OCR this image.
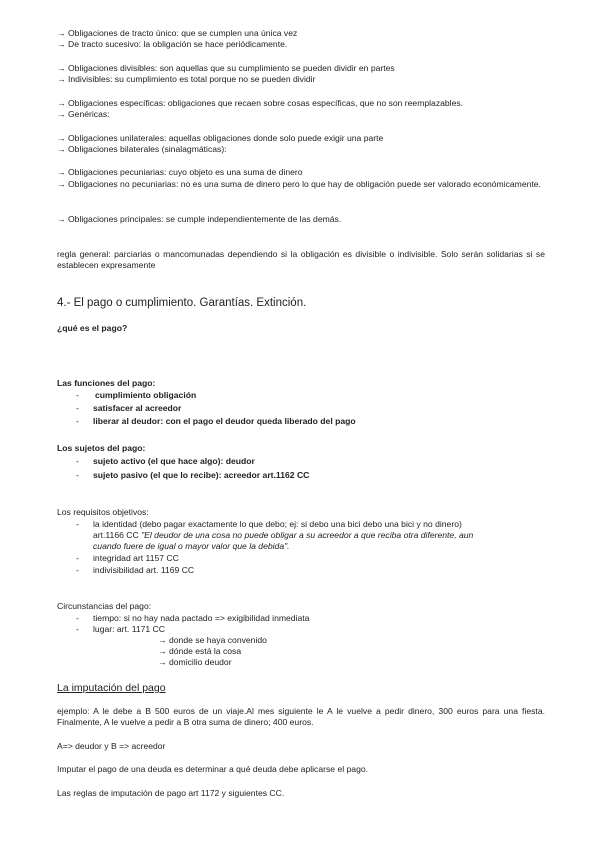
→ Obligaciones de tracto único: que se cumplen una única vez
→ De tracto sucesivo: la obligación se hace periódicamente.
→ Obligaciones divisibles: son aquellas que su cumplimiento se pueden dividir en partes
→ Indivisibles: su cumplimiento es total porque no se pueden dividir
→ Obligaciones específicas: obligaciones que recaen sobre cosas específicas, que no son reemplazables.
→ Genéricas:
→ Obligaciones unilaterales: aquellas obligaciones donde solo puede exigir una parte
→ Obligaciones bilaterales (sinalagmáticas):
→ Obligaciones pecuniarias: cuyo objeto es una suma de dinero
→ Obligaciones no pecuniarias: no es una suma de dinero pero lo que hay de obligación puede ser valorado económicamente.
→ Obligaciones principales: se cumple independientemente de las demás.
regla general: parciarias o mancomunadas dependiendo si la obligación es divisible o indivisible. Solo serán solidarias si se establecen expresamente
4.- El pago o cumplimiento. Garantías. Extinción.
¿qué es el pago?
Las funciones del pago:
- cumplimiento obligación
- satisfacer al acreedor
- liberar al deudor: con el pago el deudor queda liberado del pago
Los sujetos del pago:
- sujeto activo (el que hace algo): deudor
- sujeto pasivo (el que lo recibe): acreedor art.1162 CC
Los requisitos objetivos:
- la identidad (debo pagar exactamente lo que debo; ej: si debo una bici debo una bici y no dinero)
art.1166 CC "El deudor de una cosa no puede obligar a su acreedor a que reciba otra diferente, aun
cuando fuere de igual o mayor valor que la debida".
- integridad art 1157 CC
- indivisibilidad art. 1169 CC
Circunstancias del pago:
- tiempo: si no hay nada pactado => exigibilidad inmediata
- lugar: art. 1171 CC
→ donde se haya convenido
→ dónde está la cosa
→ domicilio deudor
La imputación del pago
ejemplo: A le debe a B 500 euros de un viaje.Al mes siguiente le A le vuelve a pedir dinero, 300 euros para una fiesta. Finalmente, A le vuelve a pedir a B otra suma de dinero; 400 euros.
A=> deudor y B => acreedor
Imputar el pago de una deuda es determinar a qué deuda debe aplicarse el pago.
Las reglas de imputación de pago art 1172 y siguientes CC.
